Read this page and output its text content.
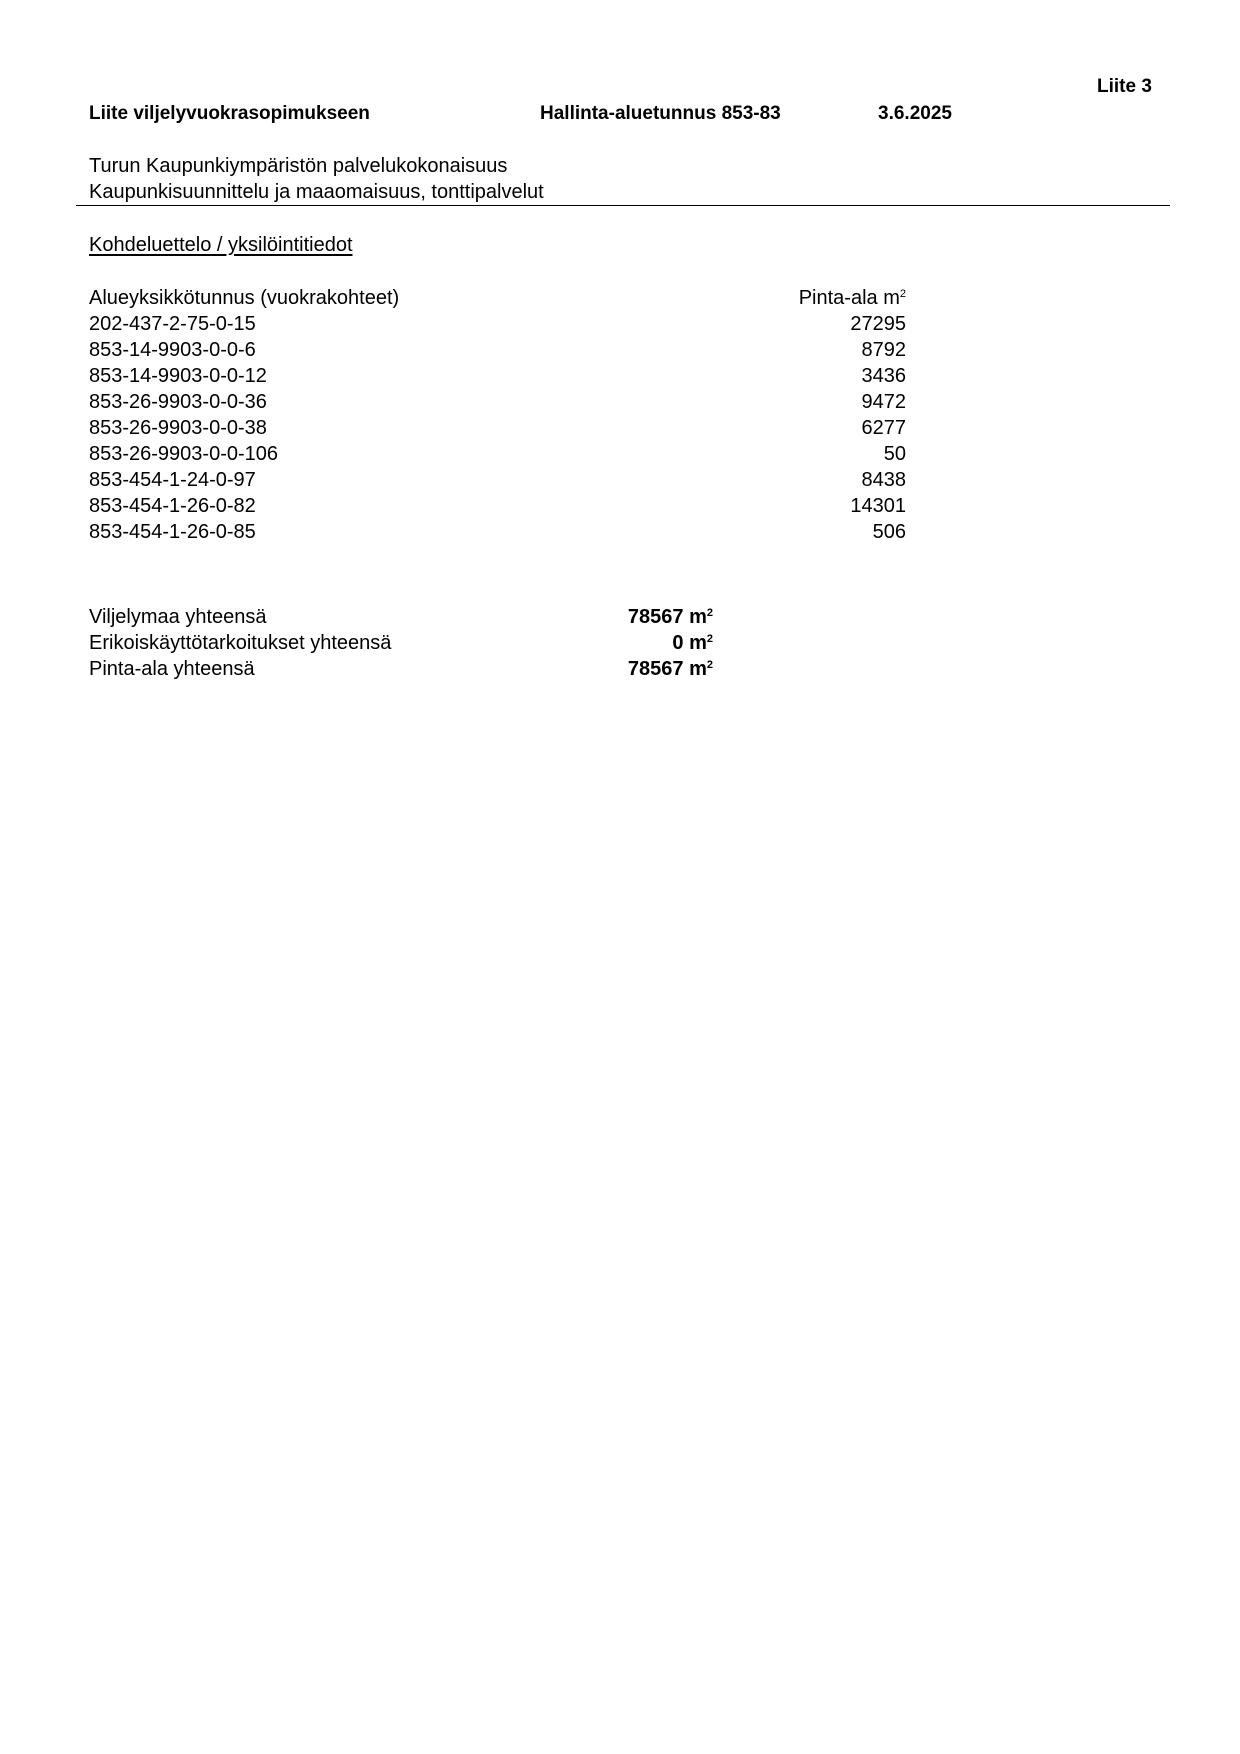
Liite 3
Liite viljelyvuokrasopimukseen	Hallinta-aluetunnus 853-83	3.6.2025
Turun Kaupunkiympäristön palvelukokonaisuus
Kaupunkisuunnittelu ja maaomaisuus, tonttipalvelut
Kohdeluettelo / yksilöintitiedot
Alueyksikkötunnus (vuokrakohteet)	Pinta-ala $m^2$
202-437-2-75-0-15	27295
853-14-9903-0-0-6	8792
853-14-9903-0-0-12	3436
853-26-9903-0-0-36	9472
853-26-9903-0-0-38	6277
853-26-9903-0-0-106	50
853-454-1-24-0-97	8438
853-454-1-26-0-82	14301
853-454-1-26-0-85	506
Viljelymaa yhteensä	78567 $m^2$
Erikoiskäyttötarkoitukset yhteensä	0 $m^2$
Pinta-ala yhteensä	78567 $m^2$
